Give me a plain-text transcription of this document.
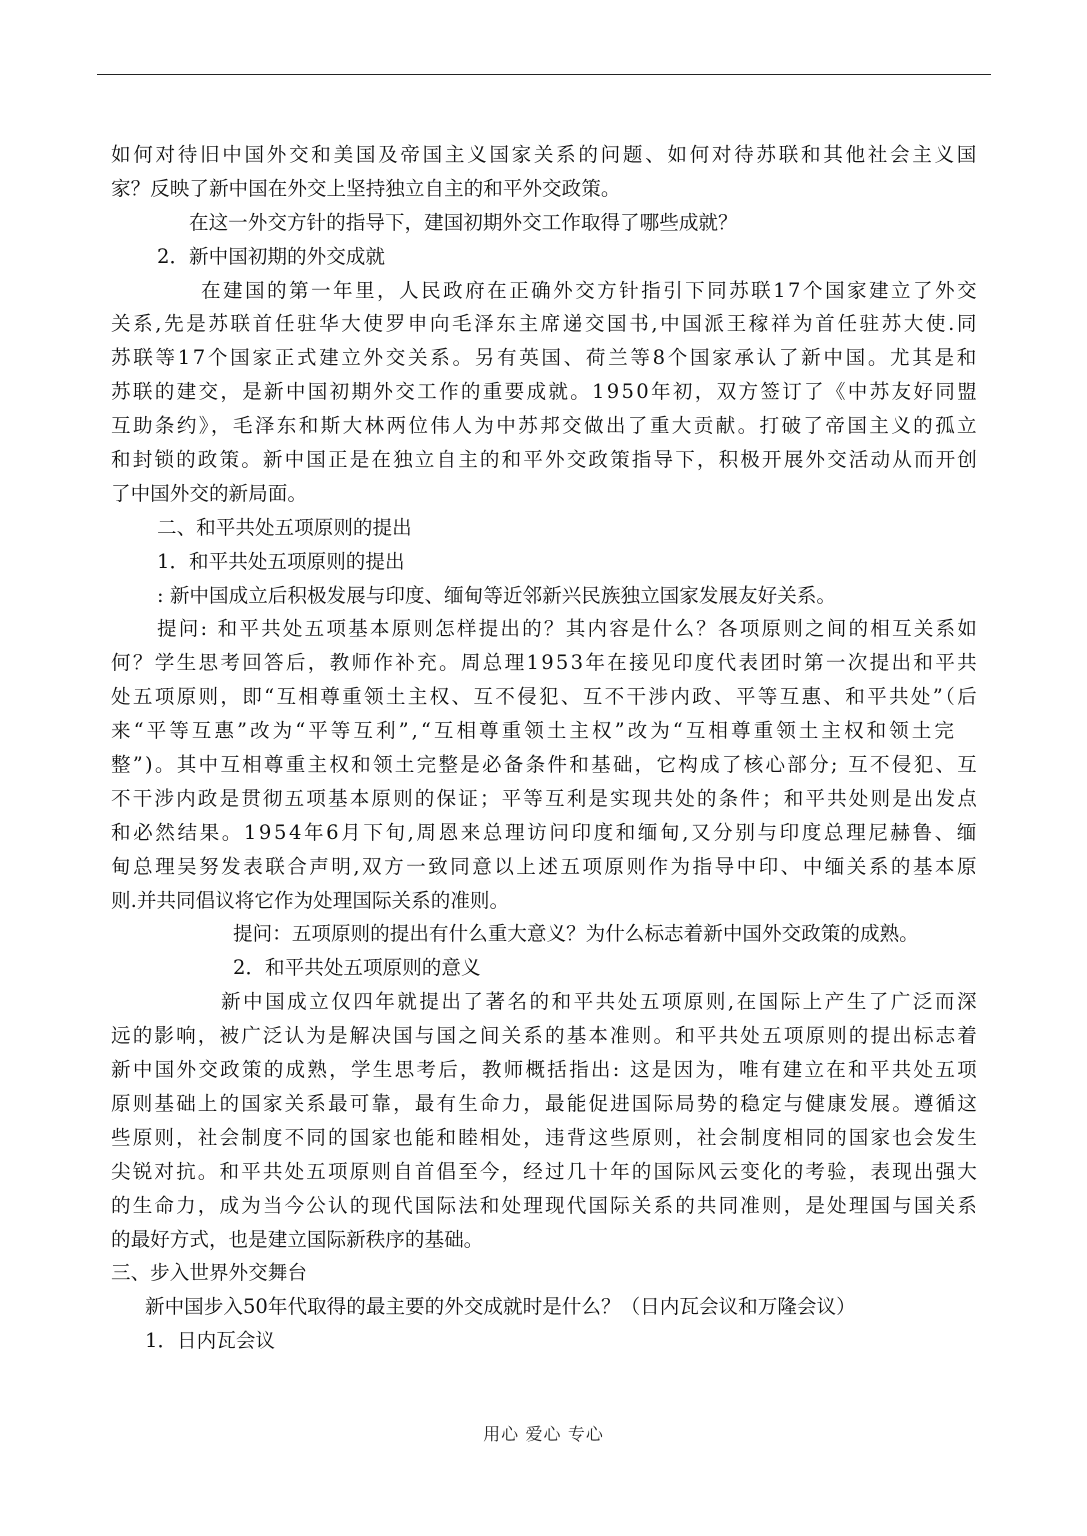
如何对待旧中国外交和美国及帝国主义国家关系的问题、如何对待苏联和其他社会主义国
家？反映了新中国在外交上坚持独立自主的和平外交政策。
在这一外交方针的指导下，建国初期外交工作取得了哪些成就？
2．新中国初期的外交成就
在建国的第一年里，人民政府在正确外交方针指引下同苏联17个国家建立了外交
关系,先是苏联首任驻华大使罗申向毛泽东主席递交国书,中国派王稼祥为首任驻苏大使.同
苏联等17个国家正式建立外交关系。另有英国、荷兰等8个国家承认了新中国。尤其是和
苏联的建交，是新中国初期外交工作的重要成就。1950年初，双方签订了《中苏友好同盟
互助条约》，毛泽东和斯大林两位伟人为中苏邦交做出了重大贡献。打破了帝国主义的孤立
和封锁的政策。新中国正是在独立自主的和平外交政策指导下，积极开展外交活动从而开创
了中国外交的新局面。
二、和平共处五项原则的提出
1．和平共处五项原则的提出
: 新中国成立后积极发展与印度、缅甸等近邻新兴民族独立国家发展友好关系。
提问: 和平共处五项基本原则怎样提出的？其内容是什么？各项原则之间的相互关系如
何？学生思考回答后，教师作补充。周总理1953年在接见印度代表团时第一次提出和平共
处五项原则，即“互相尊重领土主权、互不侵犯、互不干涉内政、平等互惠、和平共处”（后
来“平等互惠”改为“平等互利”,“互相尊重领土主权”改为“互相尊重领土主权和领土完
整”)。其中互相尊重主权和领土完整是必备条件和基础，它构成了核心部分; 互不侵犯、互
不干涉内政是贯彻五项基本原则的保证；平等互利是实现共处的条件；和平共处则是出发点
和必然结果。1954年6月下旬,周恩来总理访问印度和缅甸,又分别与印度总理尼赫鲁、缅
甸总理吴努发表联合声明,双方一致同意以上述五项原则作为指导中印、中缅关系的基本原
则.并共同倡议将它作为处理国际关系的准则。
提问：五项原则的提出有什么重大意义？为什么标志着新中国外交政策的成熟。
2．和平共处五项原则的意义
新中国成立仅四年就提出了著名的和平共处五项原则,在国际上产生了广泛而深
远的影响，被广泛认为是解决国与国之间关系的基本准则。和平共处五项原则的提出标志着
新中国外交政策的成熟，学生思考后，教师概括指出: 这是因为，唯有建立在和平共处五项
原则基础上的国家关系最可靠，最有生命力，最能促进国际局势的稳定与健康发展。遵循这
些原则，社会制度不同的国家也能和睦相处，违背这些原则，社会制度相同的国家也会发生
尖锐对抗。和平共处五项原则自首倡至今，经过几十年的国际风云变化的考验，表现出强大
的生命力，成为当今公认的现代国际法和处理现代国际关系的共同准则，是处理国与国关系
的最好方式，也是建立国际新秩序的基础。
三、步入世界外交舞台
新中国步入50年代取得的最主要的外交成就时是什么？（日内瓦会议和万隆会议）
1．日内瓦会议
用心 爱心 专心
